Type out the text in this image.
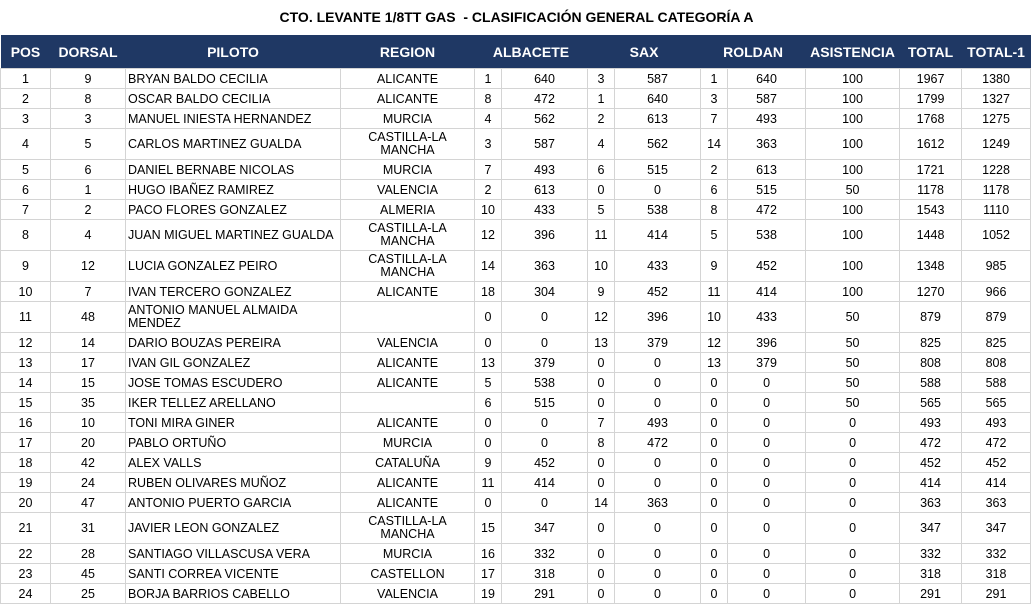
CTO. LEVANTE 1/8TT GAS  - CLASIFICACIÓN GENERAL CATEGORÍA A
POS	DORSAL	PILOTO	REGION	ALBACETE		SAX		ROLDAN		ASISTENCIA	TOTAL	TOTAL-1
1	9	BRYAN BALDO CECILIA	ALICANTE	1	640	3	587	1	640	100	1967	1380
2	8	OSCAR BALDO CECILIA	ALICANTE	8	472	1	640	3	587	100	1799	1327
3	3	MANUEL INIESTA HERNANDEZ	MURCIA	4	562	2	613	7	493	100	1768	1275
4	5	CARLOS MARTINEZ GUALDA	CASTILLA-LA MANCHA	3	587	4	562	14	363	100	1612	1249
5	6	DANIEL BERNABE NICOLAS	MURCIA	7	493	6	515	2	613	100	1721	1228
6	1	HUGO IBAÑEZ RAMIREZ	VALENCIA	2	613	0	0	6	515	50	1178	1178
7	2	PACO FLORES GONZALEZ	ALMERIA	10	433	5	538	8	472	100	1543	1110
8	4	JUAN MIGUEL MARTINEZ GUALDA	CASTILLA-LA MANCHA	12	396	11	414	5	538	100	1448	1052
9	12	LUCIA GONZALEZ PEIRO	CASTILLA-LA MANCHA	14	363	10	433	9	452	100	1348	985
10	7	IVAN TERCERO GONZALEZ	ALICANTE	18	304	9	452	11	414	100	1270	966
11	48	ANTONIO MANUEL ALMAIDA MENDEZ		0	0	12	396	10	433	50	879	879
12	14	DARIO BOUZAS PEREIRA	VALENCIA	0	0	13	379	12	396	50	825	825
13	17	IVAN GIL GONZALEZ	ALICANTE	13	379	0	0	13	379	50	808	808
14	15	JOSE TOMAS ESCUDERO	ALICANTE	5	538	0	0	0	0	50	588	588
15	35	IKER TELLEZ ARELLANO		6	515	0	0	0	0	50	565	565
16	10	TONI MIRA GINER	ALICANTE	0	0	7	493	0	0	0	493	493
17	20	PABLO ORTUÑO	MURCIA	0	0	8	472	0	0	0	472	472
18	42	ALEX VALLS	CATALUÑA	9	452	0	0	0	0	0	452	452
19	24	RUBEN OLIVARES MUÑOZ	ALICANTE	11	414	0	0	0	0	0	414	414
20	47	ANTONIO PUERTO GARCIA	ALICANTE	0	0	14	363	0	0	0	363	363
21	31	JAVIER LEON GONZALEZ	CASTILLA-LA MANCHA	15	347	0	0	0	0	0	347	347
22	28	SANTIAGO VILLASCUSA VERA	MURCIA	16	332	0	0	0	0	0	332	332
23	45	SANTI CORREA VICENTE	CASTELLON	17	318	0	0	0	0	0	318	318
24	25	BORJA BARRIOS CABELLO	VALENCIA	19	291	0	0	0	0	0	291	291
